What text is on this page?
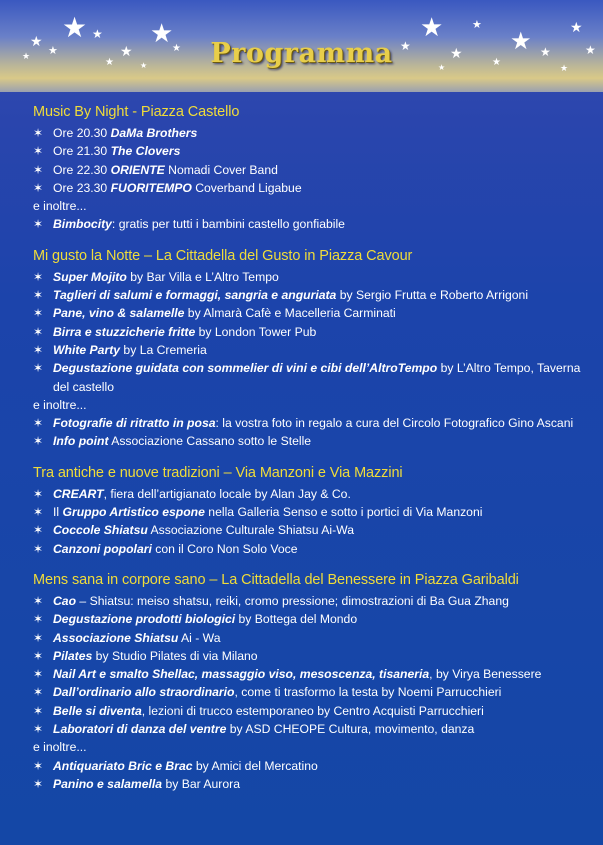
★
★
★
★
★
★
★
★
★	★
★
★	★
★
★ ★
★
★
★	★
★
Programma
Music By Night - Piazza Castello
✶ Ore 20.30 DaMa Brothers
✶ Ore 21.30 The Clovers
✶ Ore 22.30 ORIENTE Nomadi Cover Band
✶ Ore 23.30 FUORITEMPO Coverband Ligabue

e inoltre...

✶ Bimbocity: gratis per tutti i bambini castello gonfiabile
Mi gusto la Notte – La Cittadella del Gusto in Piazza Cavour
✶ Super Mojito by Bar Villa e L’Altro Tempo
✶ Taglieri di salumi e formaggi, sangria e anguriata by Sergio Frutta e Roberto Arrigoni
✶ Pane, vino & salamelle by Almarà Cafè e Macelleria Carminati
✶ Birra e stuzzicherie fritte by London Tower Pub
✶ White Party by La Cremeria
✶ Degustazione guidata con sommelier di vini e cibi dell’AltroTempo by L’Altro Tempo, Taverna del castello

e inoltre...

✶ Fotografie di ritratto in posa: la vostra foto in regalo a cura del Circolo Fotografico Gino Ascani
✶ Info point Associazione Cassano sotto le Stelle
Tra antiche e nuove tradizioni – Via Manzoni e Via Mazzini
✶ CREART, fiera dell’artigianato locale by Alan Jay & Co.
✶ Il Gruppo Artistico espone nella Galleria Senso e sotto i portici di Via Manzoni
✶ Coccole Shiatsu Associazione Culturale Shiatsu Ai-Wa
✶ Canzoni popolari con il Coro Non Solo Voce
Mens sana in corpore sano – La Cittadella del Benessere in Piazza Garibaldi
✶ Cao – Shiatsu: meiso shatsu, reiki, cromo pressione; dimostrazioni di Ba Gua Zhang
✶ Degustazione prodotti biologici by Bottega del Mondo
✶ Associazione Shiatsu Ai - Wa
✶ Pilates by Studio Pilates di via Milano
✶ Nail Art e smalto Shellac, massaggio viso, mesoscenza, tisaneria, by Virya Benessere
✶ Dall’ordinario allo straordinario, come ti trasformo la testa by Noemi Parrucchieri
✶ Belle si diventa, lezioni di trucco estemporaneo by Centro Acquisti Parrucchieri
✶ Laboratori di danza del ventre by ASD CHEOPE Cultura, movimento, danza

e inoltre...

✶ Antiquariato Bric e Brac by Amici del Mercatino
✶ Panino e salamella by Bar Aurora
